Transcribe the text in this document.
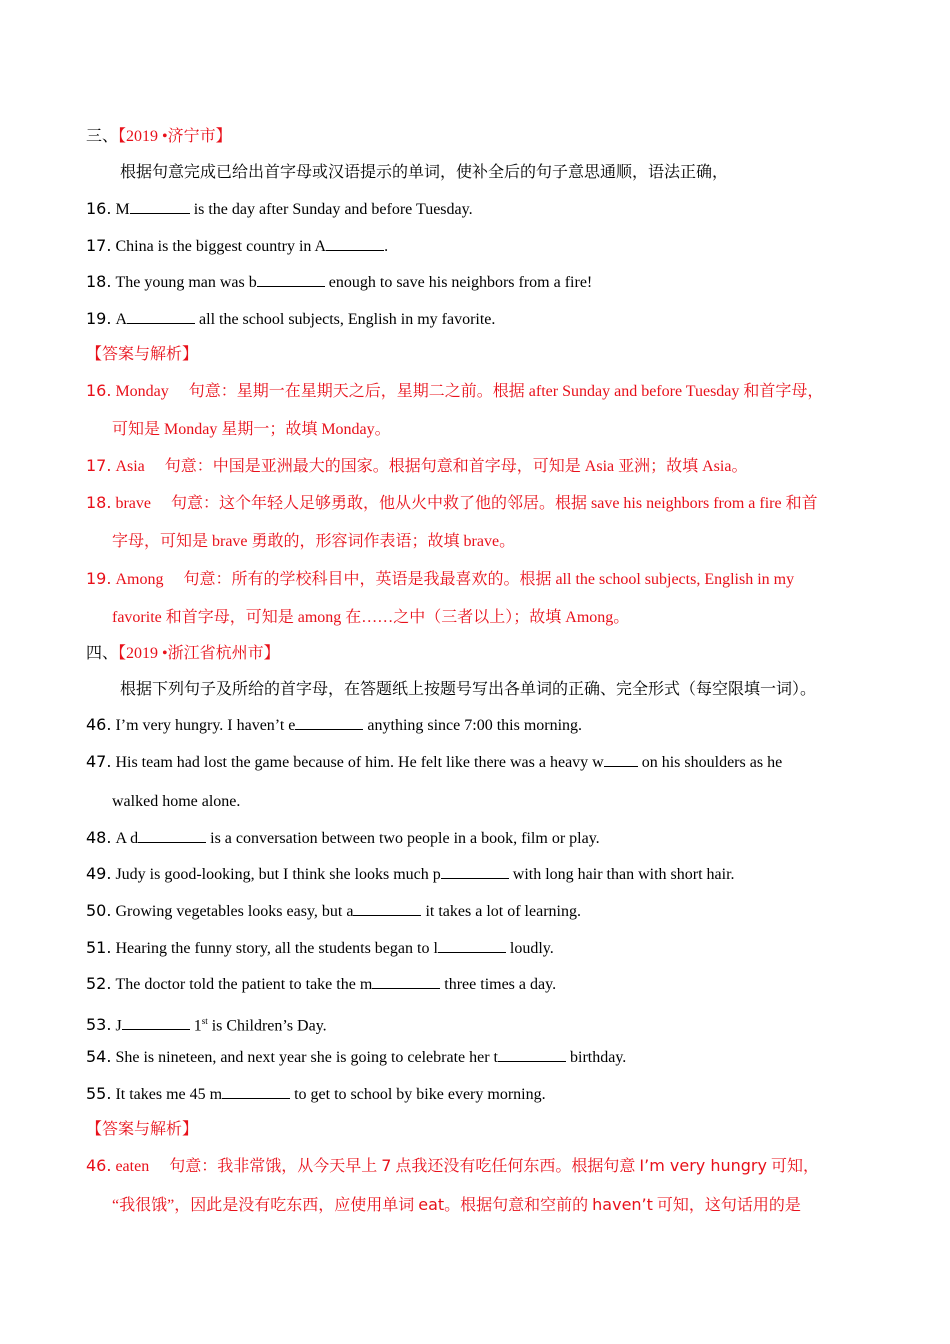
三、【2019 •济宁市】
根据句意完成已给出首字母或汉语提示的单词，使补全后的句子意思通顺，语法正确，
16. M	is the day after Sunday and before Tuesday.
17. China is the biggest country in A	.
18. The young man was b	enough to save his neighbors from a fire!
19. A	all the school subjects, English in my favorite.
【答案与解析】
16. Monday　 句意：星期一在星期天之后，星期二之前。根据 after Sunday and before Tuesday 和首字母，
可知是 Monday 星期一；故填 Monday。
17. Asia　 句意：中国是亚洲最大的国家。根据句意和首字母，可知是 Asia 亚洲；故填 Asia。
18. brave　 句意：这个年轻人足够勇敢，他从火中救了他的邻居。根据 save his neighbors from a fire 和首
字母，可知是 brave 勇敢的，形容词作表语；故填 brave。
19. Among　 句意：所有的学校科目中，英语是我最喜欢的。根据 all the school subjects, English in my
favorite 和首字母，可知是 among 在……之中（三者以上）；故填 Among。
四、【2019 •浙江省杭州市】
根据下列句子及所给的首字母，在答题纸上按题号写出各单词的正确、完全形式（每空限填一词）。
46. I’m very hungry. I haven’t e	anything since 7:00 this morning.
47. His team had lost the game because of him. He felt like there was a heavy w on his shoulders as he
walked home alone.
48. A d	is a conversation between two people in a book, film or play.
49. Judy is good-looking, but I think she looks much p	with long hair than with short hair.
50. Growing vegetables looks easy, but a	it takes a lot of learning.
51. Hearing the funny story, all the students began to l	loudly.
52. The doctor told the patient to take the m	three times a day.
53. J	1st is Children’s Day.
54. She is nineteen, and next year she is going to celebrate her t	birthday.
55. It takes me 45 m	to get to school by bike every morning.
【答案与解析】
46. eaten　 句意：我非常饿，从今天早上 7 点我还没有吃任何东西。根据句意 I’m very hungry 可知，
“我很饿”，因此是没有吃东西，应使用单词 eat。根据句意和空前的 haven’t 可知，这句话用的是
